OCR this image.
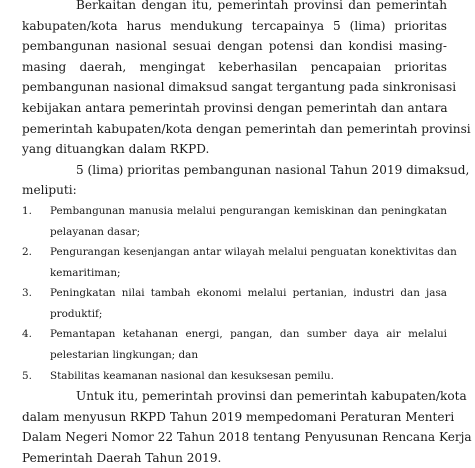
Berkaitan dengan itu, pemerintah provinsi dan pemerintah
kabupaten/kota harus mendukung tercapainya 5 (lima) prioritas
pembangunan nasional sesuai dengan potensi dan kondisi masing-
masing daerah, mengingat keberhasilan pencapaian prioritas
pembangunan nasional dimaksud sangat tergantung pada sinkronisasi
kebijakan antara pemerintah provinsi dengan pemerintah dan antara
pemerintah kabupaten/kota dengan pemerintah dan pemerintah provinsi
yang dituangkan dalam RKPD.
5 (lima) prioritas pembangunan nasional Tahun 2019 dimaksud,
meliputi:
1. Pembangunan manusia melalui pengurangan kemiskinan dan peningkatan
pelayanan dasar;
2. Pengurangan kesenjangan antar wilayah melalui penguatan konektivitas dan
kemaritiman;
3. Peningkatan nilai tambah ekonomi melalui pertanian, industri dan jasa
produktif;
4. Pemantapan ketahanan energi, pangan, dan sumber daya air melalui
pelestarian lingkungan; dan
5. Stabilitas keamanan nasional dan kesuksesan pemilu.
Untuk itu, pemerintah provinsi dan pemerintah kabupaten/kota
dalam menyusun RKPD Tahun 2019 mempedomani Peraturan Menteri
Dalam Negeri Nomor 22 Tahun 2018 tentang Penyusunan Rencana Kerja
Pemerintah Daerah Tahun 2019.
